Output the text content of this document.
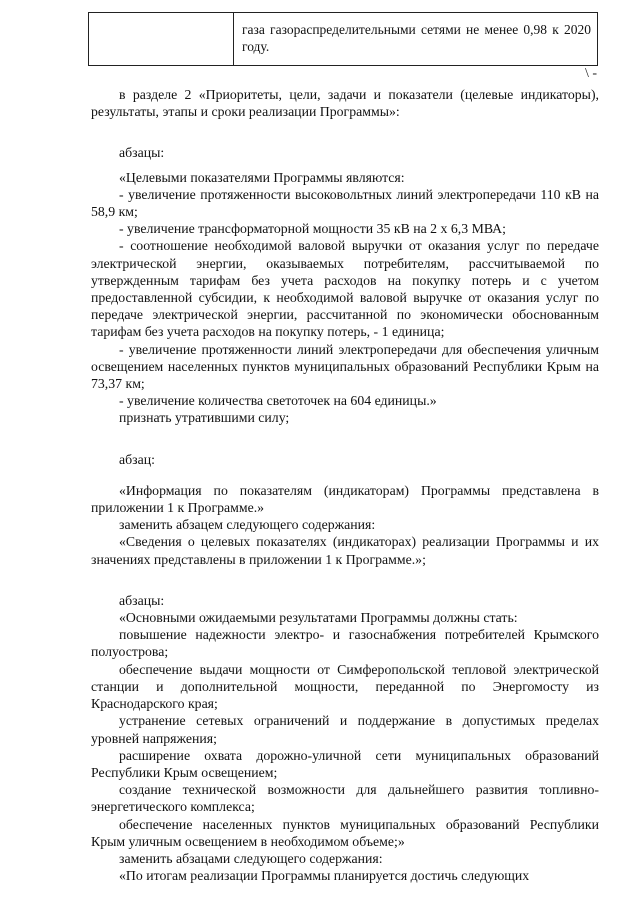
газа газораспределительными сетями не менее 0,98 к 2020 году.
\ -

в разделе 2 «Приоритеты, цели, задачи и показатели (целевые индикаторы), результаты, этапы и сроки реализации Программы»:

абзацы:

«Целевыми показателями Программы являются:

- увеличение протяженности высоковольтных линий электропередачи 110 кВ на 58,9 км;

- увеличение трансформаторной мощности 35 кВ на 2 х 6,3 МВА;

- соотношение необходимой валовой выручки от оказания услуг по передаче электрической энергии, оказываемых потребителям, рассчитываемой по утвержденным тарифам без учета расходов на покупку потерь и с учетом предоставленной субсидии, к необходимой валовой выручке от оказания услуг по передаче электрической энергии, рассчитанной по экономически обоснованным тарифам без учета расходов на покупку потерь, - 1 единица;

- увеличение протяженности линий электропередачи для обеспечения уличным освещением населенных пунктов муниципальных образований Республики Крым на 73,37 км;

- увеличение количества светоточек на 604 единицы.»

признать утратившими силу;

абзац:

«Информация по показателям (индикаторам) Программы представлена в приложении 1 к Программе.»

заменить абзацем следующего содержания:

«Сведения о целевых показателях (индикаторах) реализации Программы и их значениях представлены в приложении 1 к Программе.»;

абзацы:

«Основными ожидаемыми результатами Программы должны стать:

повышение надежности электро- и газоснабжения потребителей Крымского полуострова;

обеспечение выдачи мощности от Симферопольской тепловой электрической станции и дополнительной мощности, переданной по Энергомосту из Краснодарского края;

устранение сетевых ограничений и поддержание в допустимых пределах уровней напряжения;

расширение охвата дорожно-уличной сети муниципальных образований Республики Крым освещением;

создание технической возможности для дальнейшего развития топливно-энергетического комплекса;

обеспечение населенных пунктов муниципальных образований Республики Крым уличным освещением в необходимом объеме;»

заменить абзацами следующего содержания:

«По итогам реализации Программы планируется достичь следующих
